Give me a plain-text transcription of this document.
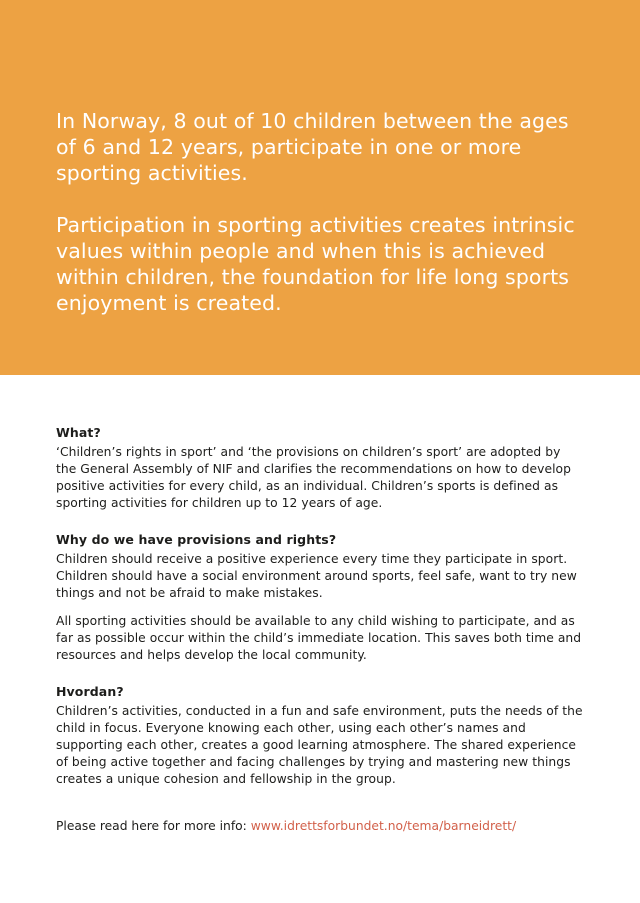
In Norway, 8 out of 10 children between the ages of 6 and 12 years, participate in one or more sporting activities.

Participation in sporting activities creates intrinsic values within people and when this is achieved within children, the foundation for life long sports enjoyment is created.

What?

‘Children’s rights in sport’ and ‘the provisions on children’s sport’ are adopted by the General Assembly of NIF and clarifies the recommendations on how to develop positive activities for every child, as an individual. Children’s sports is defined as sporting activities for children up to 12 years of age.

Why do we have provisions and rights?

Children should receive a positive experience every time they participate in sport. Children should have a social environment around sports, feel safe, want to try new things and not be afraid to make mistakes.

All sporting activities should be available to any child wishing to participate, and as far as possible occur within the child’s immediate location. This saves both time and resources and helps develop the local community.

Hvordan?

Children’s activities, conducted in a fun and safe environment, puts the needs of the child in focus. Everyone knowing each other, using each other’s names and supporting each other, creates a good learning atmosphere. The shared experience of being active together and facing challenges by trying and mastering new things creates a unique cohesion and fellowship in the group.

Please read here for more info: www.idrettsforbundet.no/tema/barneidrett/
